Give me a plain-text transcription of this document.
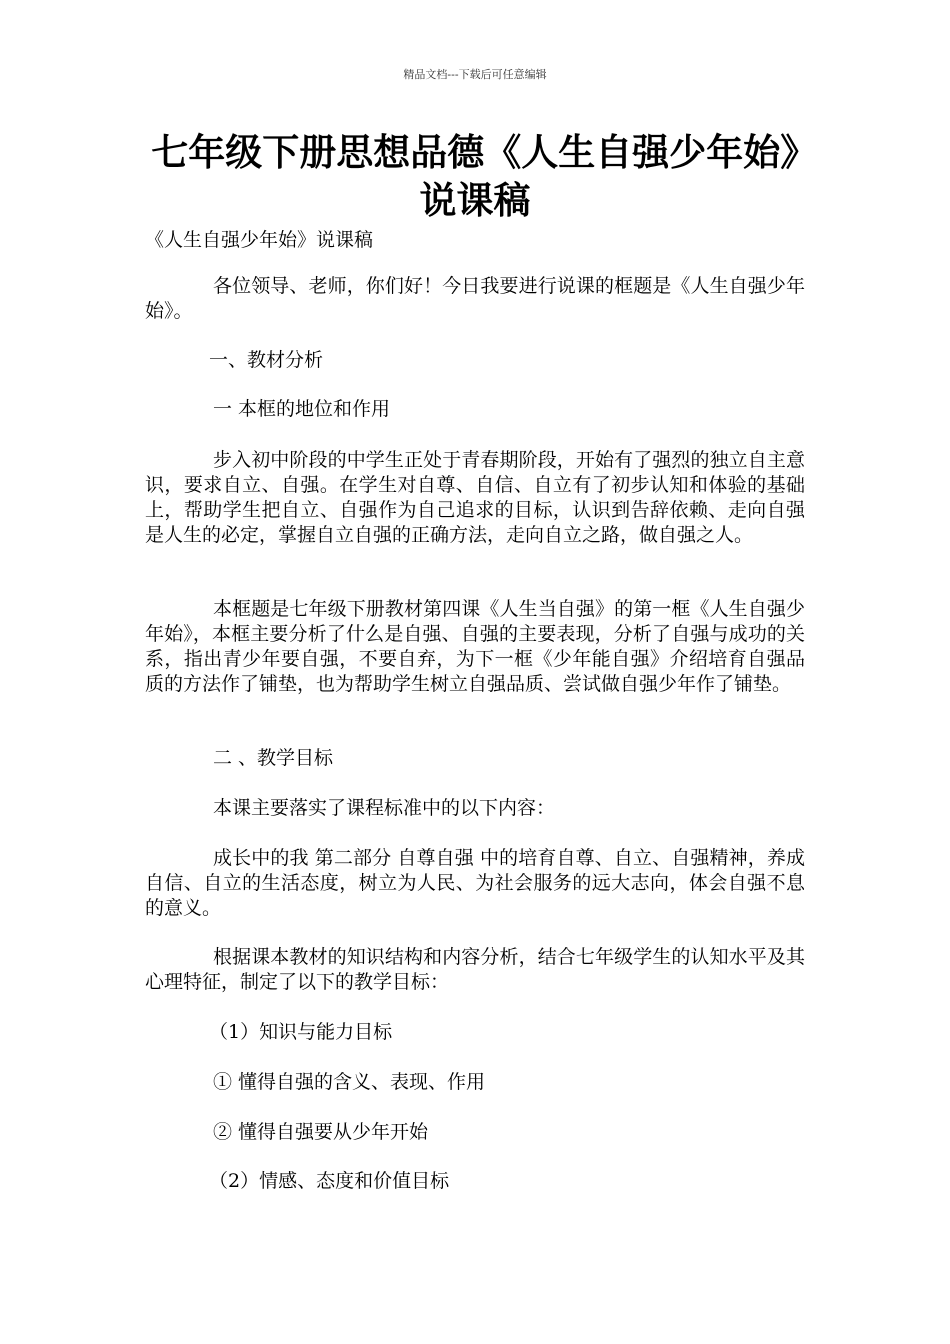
精品文档---下载后可任意编辑
七年级下册思想品德《人生自强少年始》说课稿

《人生自强少年始》说课稿

各位领导、老师，你们好！今日我要进行说课的框题是《人生自强少年始》。

一、教材分析

一 本框的地位和作用

步入初中阶段的中学生正处于青春期阶段，开始有了强烈的独立自主意识，要求自立、自强。在学生对自尊、自信、自立有了初步认知和体验的基础上，帮助学生把自立、自强作为自己追求的目标，认识到告辞依赖、走向自强是人生的必定，掌握自立自强的正确方法，走向自立之路，做自强之人。

本框题是七年级下册教材第四课《人生当自强》的第一框《人生自强少年始》，本框主要分析了什么是自强、自强的主要表现，分析了自强与成功的关系，指出青少年要自强，不要自弃，为下一框《少年能自强》介绍培育自强品质的方法作了铺垫，也为帮助学生树立自强品质、尝试做自强少年作了铺垫。

二 、教学目标

本课主要落实了课程标准中的以下内容：

成长中的我 第二部分 自尊自强 中的培育自尊、自立、自强精神，养成自信、自立的生活态度，树立为人民、为社会服务的远大志向，体会自强不息的意义。

根据课本教材的知识结构和内容分析，结合七年级学生的认知水平及其心理特征，制定了以下的教学目标：

（1）知识与能力目标

① 懂得自强的含义、表现、作用

② 懂得自强要从少年开始

（2）情感、态度和价值目标
